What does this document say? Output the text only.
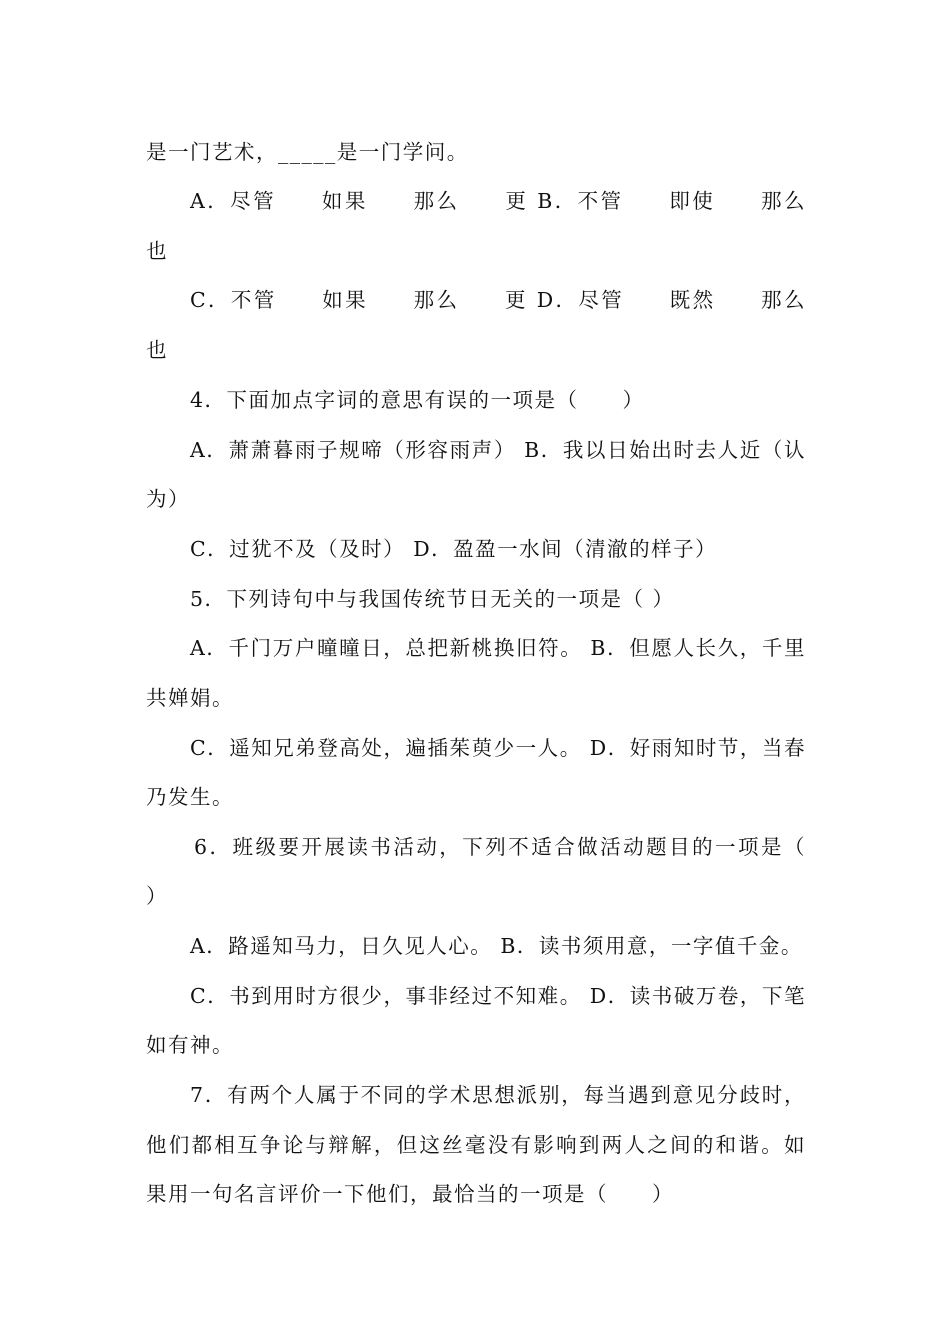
是一门艺术，_____是一门学问。
A．尽管　　如果　　那么　　更 B．不管　　即使　　那么
也
C．不管　　如果　　那么　　更 D．尽管　　既然　　那么
也
4．下面加点字词的意思有误的一项是（　　）
A．萧萧暮雨子规啼（形容雨声） B．我以日始出时去人近（认
为）
C．过犹不及（及时） D．盈盈一水间（清澈的样子）
5．下列诗句中与我国传统节日无关的一项是（ ）
A．千门万户曈曈日，总把新桃换旧符。 B．但愿人长久，千里
共婵娟。
C．遥知兄弟登高处，遍插茱萸少一人。 D．好雨知时节，当春
乃发生。
6．班级要开展读书活动，下列不适合做活动题目的一项是（
）
A．路遥知马力，日久见人心。 B．读书须用意，一字值千金。
C．书到用时方很少，事非经过不知难。 D．读书破万卷，下笔
如有神。
7．有两个人属于不同的学术思想派别，每当遇到意见分歧时，
他们都相互争论与辩解，但这丝毫没有影响到两人之间的和谐。如
果用一句名言评价一下他们，最恰当的一项是（　　）
